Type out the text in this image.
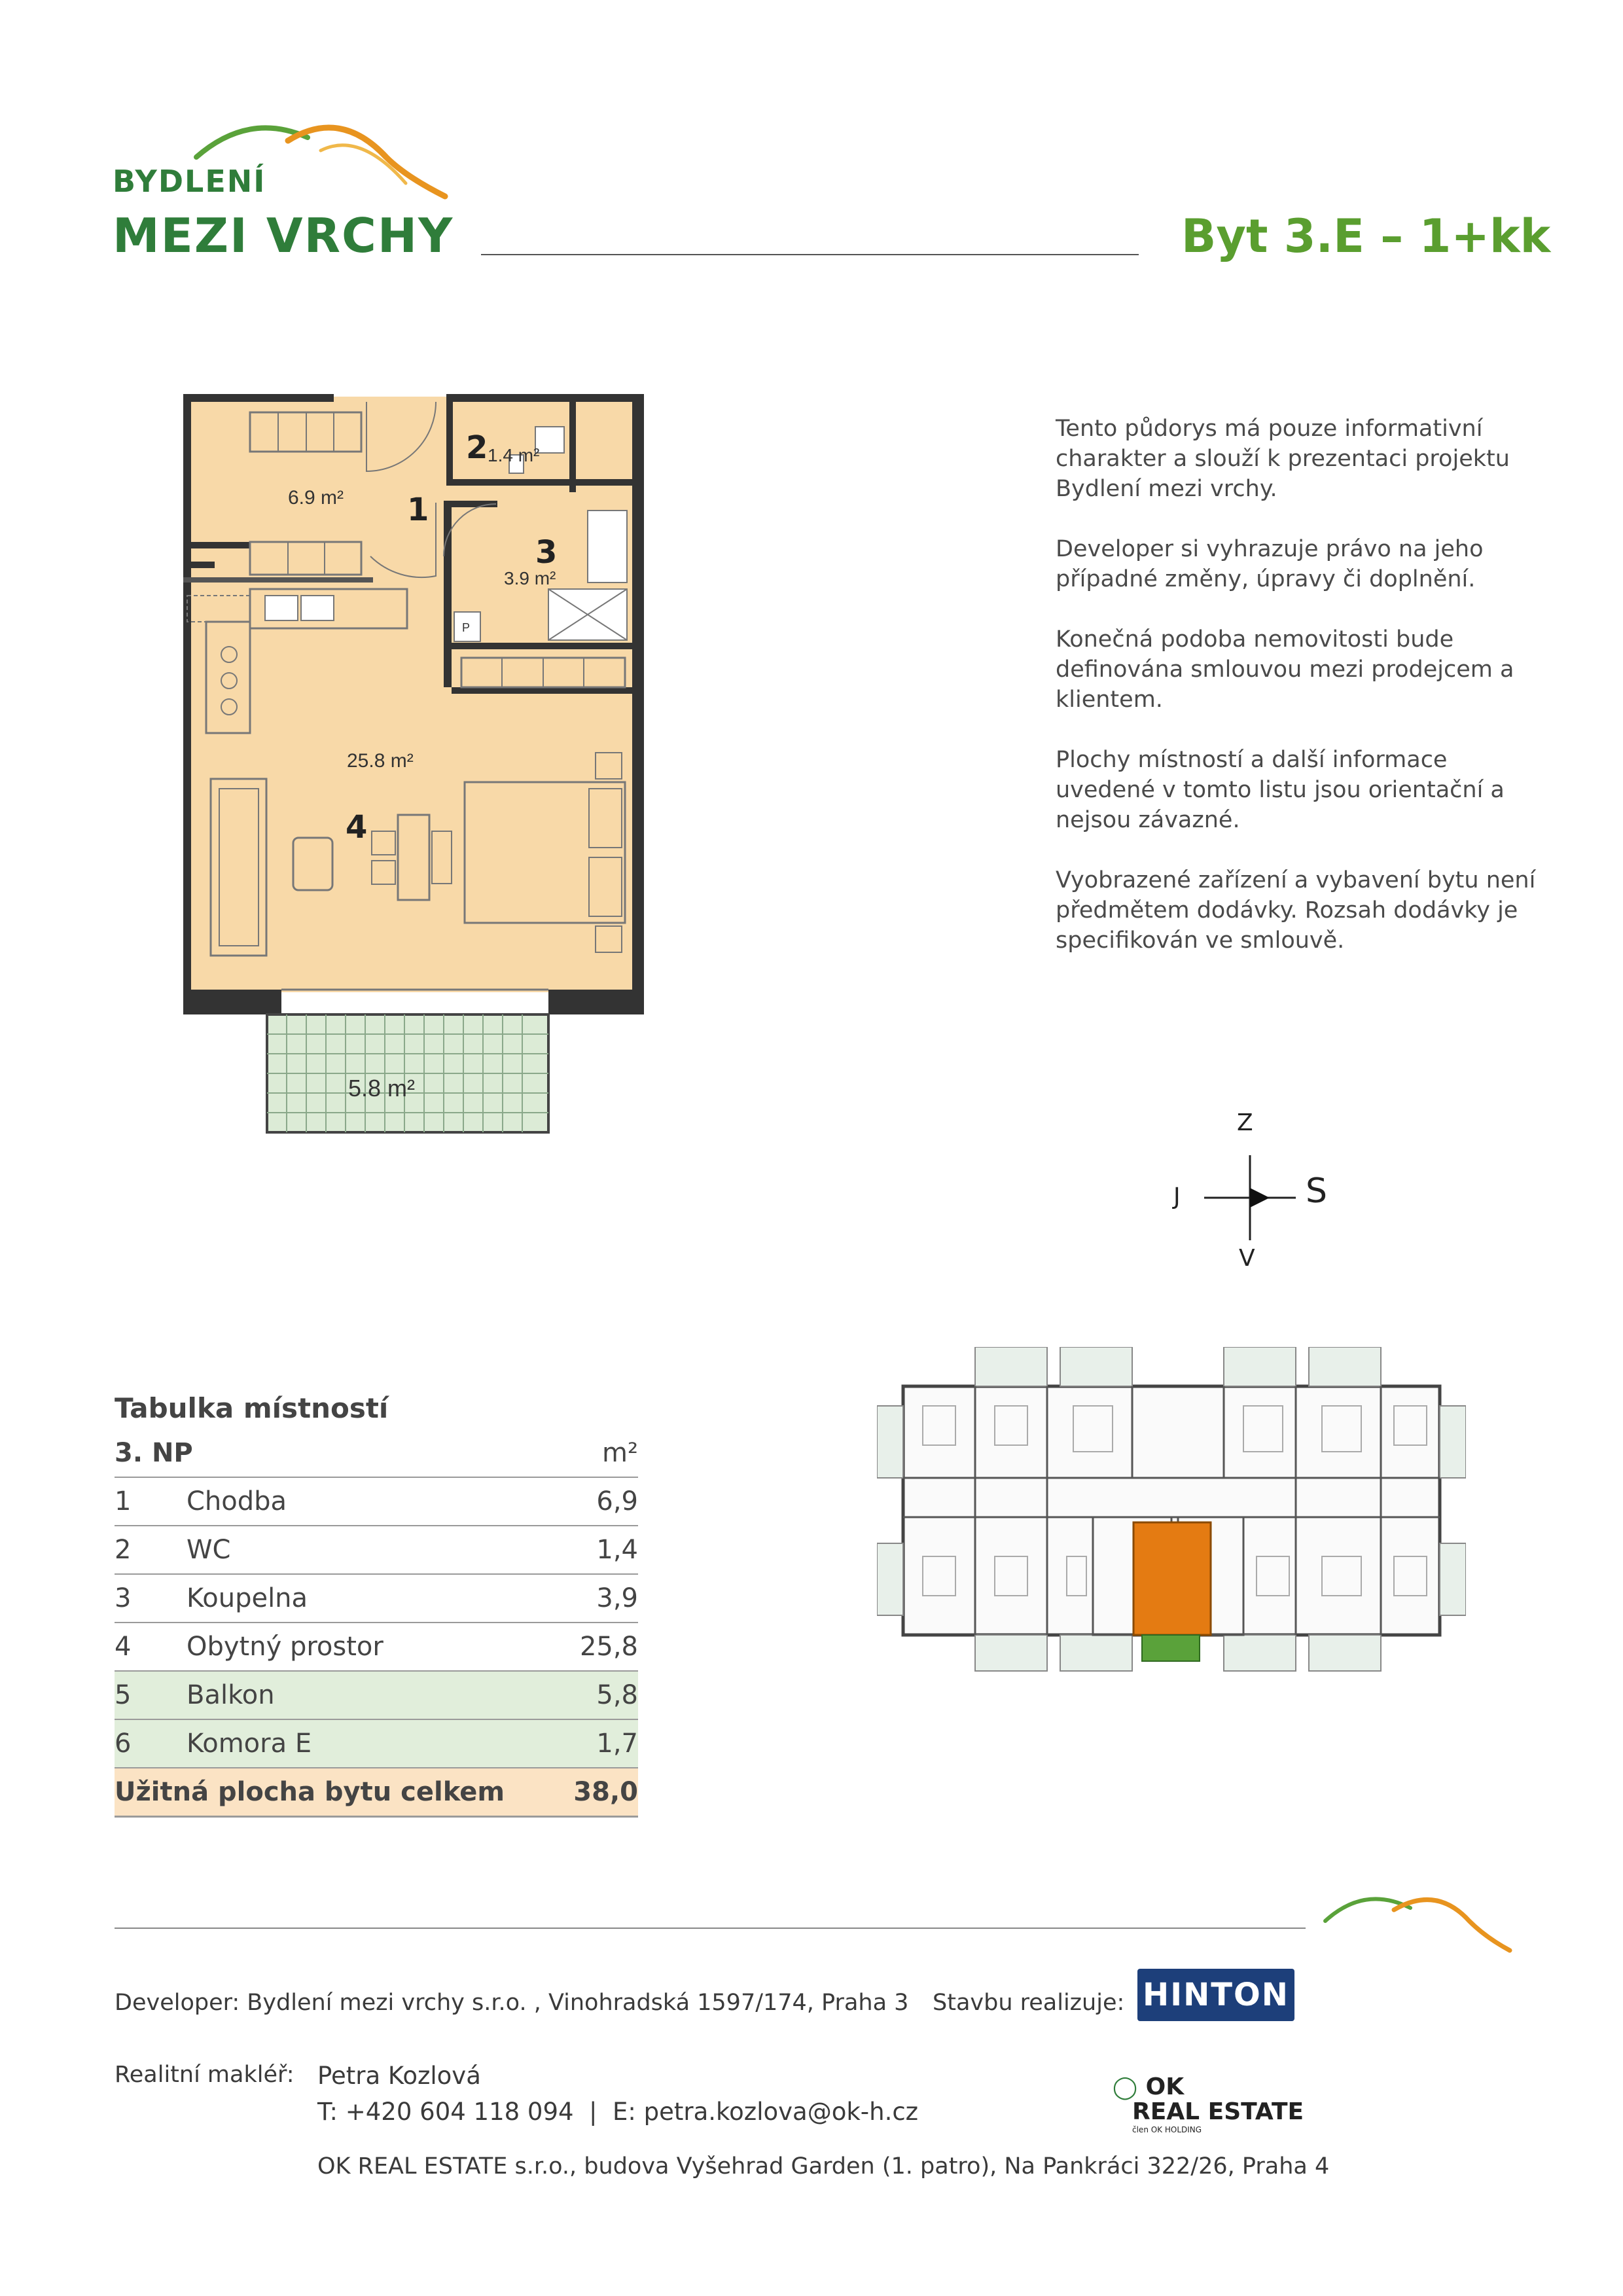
BYDLENÍ
MEZI VRCHY	Byt 3.E – 1+kk
6.9 m² 1
2 1.4 m²
3
3.9 m²
P
25.8 m²
4
5.8 m²

Tento půdorys má pouze informativní charakter a slouží k prezentaci projektu Bydlení mezi vrchy.

Developer si vyhrazuje právo na jeho případné změny, úpravy či doplnění.

Konečná podoba nemovitosti bude definována smlouvou mezi prodejcem a klientem.

Plochy místností a další informace uvedené v tomto listu jsou orientační a nejsou závazné.

Vyobrazené zařízení a vybavení bytu není předmětem dodávky. Rozsah dodávky je specifikován ve smlouvě.

Z
V
J	S
Tabulka místností
3. NP	m²
1 Chodba	6,9
2 WC	1,4
3 Koupelna	3,9
4 Obytný prostor	25,8
5 Balkon	5,8
6 Komora E	1,7
Užitná plocha bytu celkem	38,0
Developer: Bydlení mezi vrchy s.r.o. , Vinohradská 1597/174, Praha 3 Stavbu realizuje: HINTON
Realitní makléř: Petra Kozlová
T: +420 604 118 094  |  E: petra.kozlova@ok-h.cz
◯ OK
REAL ESTATE
člen OK HOLDING
OK REAL ESTATE s.r.o., budova Vyšehrad Garden (1. patro), Na Pankráci 322/26, Praha 4
